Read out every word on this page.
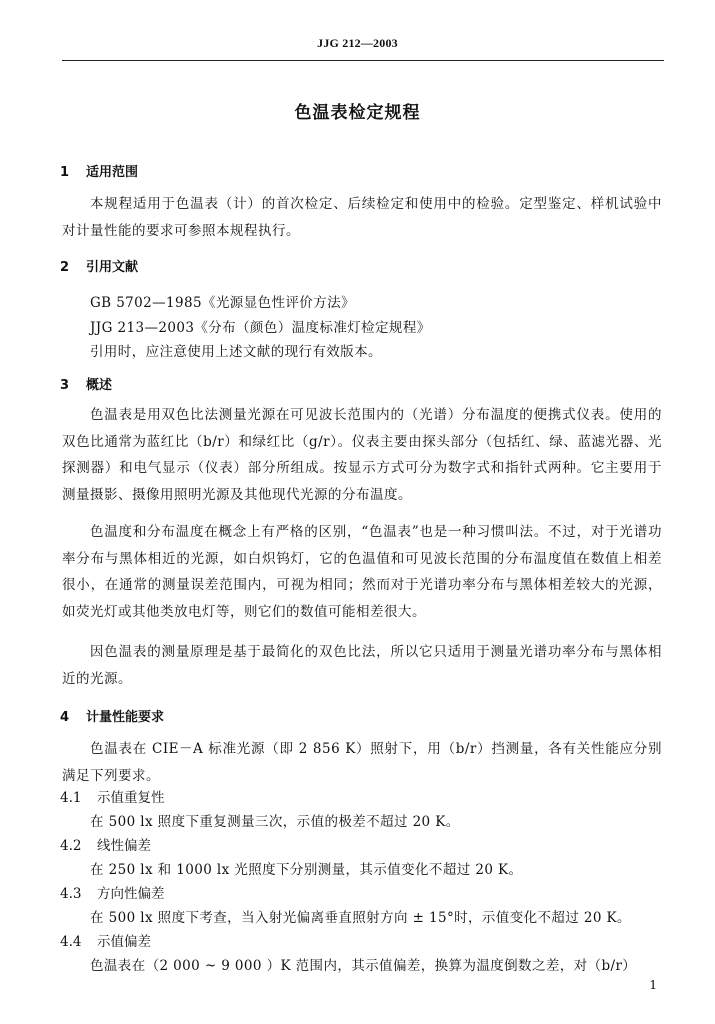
JJG 212—2003
色温表检定规程
1 适用范围
本规程适用于色温表（计）的首次检定、后续检定和使用中的检验。定型鉴定、样机试验中对计量性能的要求可参照本规程执行。
2 引用文献
GB 5702—1985《光源显色性评价方法》
JJG 213—2003《分布（颜色）温度标准灯检定规程》
引用时，应注意使用上述文献的现行有效版本。
3 概述
色温表是用双色比法测量光源在可见波长范围内的（光谱）分布温度的便携式仪表。使用的双色比通常为蓝红比（b/r）和绿红比（g/r）。仪表主要由探头部分（包括红、绿、蓝滤光器、光探测器）和电气显示（仪表）部分所组成。按显示方式可分为数字式和指针式两种。它主要用于测量摄影、摄像用照明光源及其他现代光源的分布温度。
色温度和分布温度在概念上有严格的区别，“色温表”也是一种习惯叫法。不过，对于光谱功率分布与黑体相近的光源，如白炽钨灯，它的色温值和可见波长范围的分布温度值在数值上相差很小，在通常的测量误差范围内，可视为相同；然而对于光谱功率分布与黑体相差较大的光源，如荧光灯或其他类放电灯等，则它们的数值可能相差很大。
因色温表的测量原理是基于最简化的双色比法，所以它只适用于测量光谱功率分布与黑体相近的光源。
4 计量性能要求
色温表在 CIE－A 标准光源（即 2 856 K）照射下，用（b/r）挡测量，各有关性能应分别满足下列要求。
4.1 示值重复性
在 500 lx 照度下重复测量三次，示值的极差不超过 20 K。
4.2 线性偏差
在 250 lx 和 1000 lx 光照度下分别测量，其示值变化不超过 20 K。
4.3 方向性偏差
在 500 lx 照度下考查，当入射光偏离垂直照射方向 ± 15°时，示值变化不超过 20 K。
4.4 示值偏差
色温表在（2 000 ~ 9 000 ）K 范围内，其示值偏差，换算为温度倒数之差，对（b/r）
1
